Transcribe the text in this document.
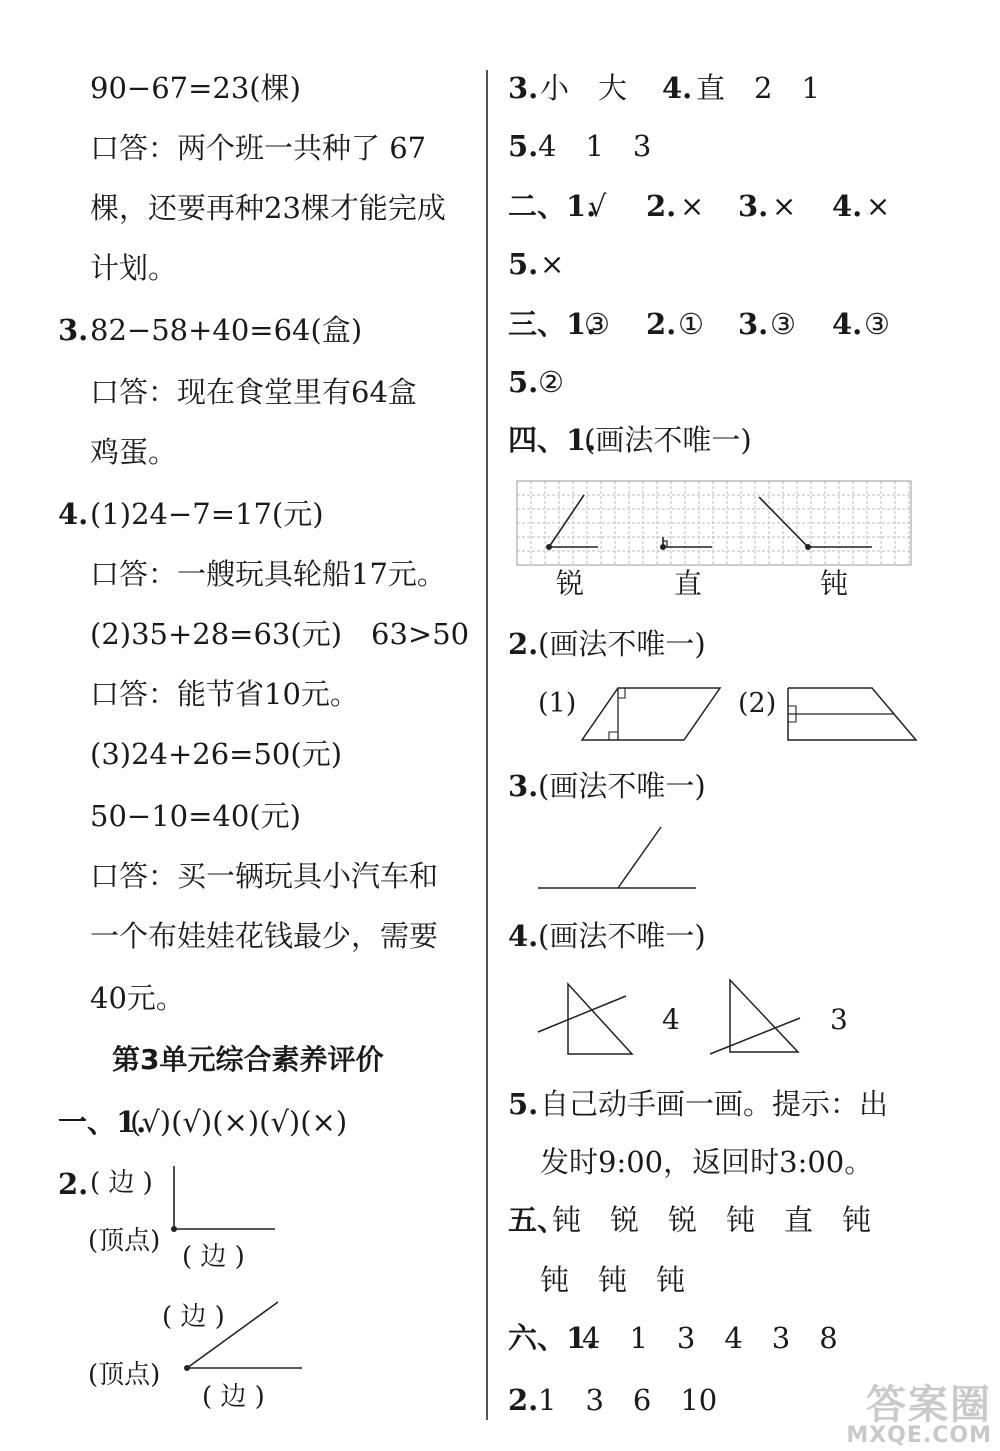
90−67=23(棵)
口答：两个班一共种了 67
棵，还要再种23棵才能完成
计划。
3. 82−58+40=64(盒)
口答：现在食堂里有64盒
鸡蛋。
4. (1)24−7=17(元)
口答：一艘玩具轮船17元。
(2)35+28=63(元)　63>50
口答：能节省10元。
(3)24+26=50(元)
50−10=40(元)
口答：买一辆玩具小汽车和
一个布娃娃花钱最少，需要
40元。
第3单元综合素养评价
一、1.
(√)(√)(×)(√)(×)
2. ( 边 )
(顶点)
( 边 )
( 边 )
(顶点)
( 边 )
3. 小　大 4. 直　2　1
5. 4　1　3
二、1.
√　 2. ×　 3. ×　 4. ×
5. ×
三、1.
③　 2. ①　 3. ③　 4. ③
5. ②
四、1.
(画法不唯一)
锐	直	钝
2. (画法不唯一)
(1)	(2)
3. (画法不唯一)
4. (画法不唯一)
4	3
5. 自己动手画一画。提示：出
发时9:00，返回时3:00。
五、
钝　锐　锐　钝　直　钝
钝　钝　钝
六、1.
4　1　3　4　3　8
2. 1　3　6　10	答案圈
MXQE.COM
